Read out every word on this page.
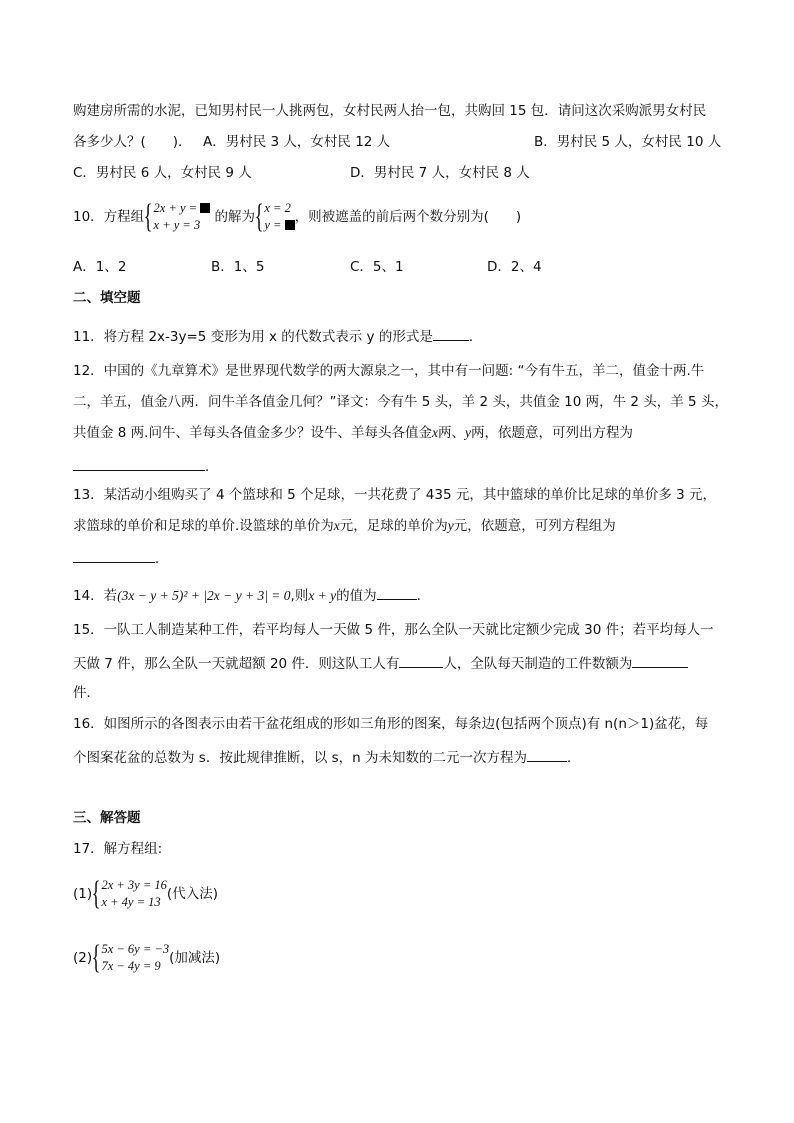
购建房所需的水泥，已知男村民一人挑两包，女村民两人抬一包，共购回 15 包．请问这次采购派男女村民
各多少人？(　　)． A．男村民 3 人，女村民 12 人	B．男村民 5 人，女村民 10 人
C．男村民 6 人，女村民 9 人	D．男村民 7 人，女村民 8 人
10．方程组{ 2x + y =
x + y = 3	的解为{ x = 2
y = ，则被遮盖的前后两个数分别为(　　)
A．1、2	B．1、5	C．5、1	D．2、4
二、填空题
11．将方程 2x-3y=5 变形为用 x 的代数式表示 y 的形式是	．
12．中国的《九章算术》是世界现代数学的两大源泉之一，其中有一问题: “今有牛五，羊二，值金十两.牛
二，羊五，值金八两．问牛羊各值金几何？”译文：今有牛 5 头，羊 2 头，共值金 10 两，牛 2 头，羊 5 头，
共值金 8 两.问牛、羊每头各值金多少？设牛、羊每头各值金x两、y两，依题意，可列出方程为
．
13．某活动小组购买了 4 个篮球和 5 个足球，一共花费了 435 元，其中篮球的单价比足球的单价多 3 元，
求篮球的单价和足球的单价.设篮球的单价为x元，足球的单价为y元，依题意，可列方程组为
．
14．若(3x − y + 5)² + |2x − y + 3| = 0,则x + y的值为	．
15．一队工人制造某种工件，若平均每人一天做 5 件，那么全队一天就比定额少完成 30 件；若平均每人一
天做 7 件，那么全队一天就超额 20 件．则这队工人有	人，全队每天制造的工件数额为
件．
16．如图所示的各图表示由若干盆花组成的形如三角形的图案，每条边(包括两个顶点)有 n(n＞1)盆花，每
个图案花盆的总数为 s．按此规律推断，以 s，n 为未知数的二元一次方程为	．
三、解答题
17．解方程组:
(1){ 2x + 3y = 16
x + 4y = 13 (代入法)
(2){ 5x − 6y = −3
7x − 4y = 9 (加减法)
